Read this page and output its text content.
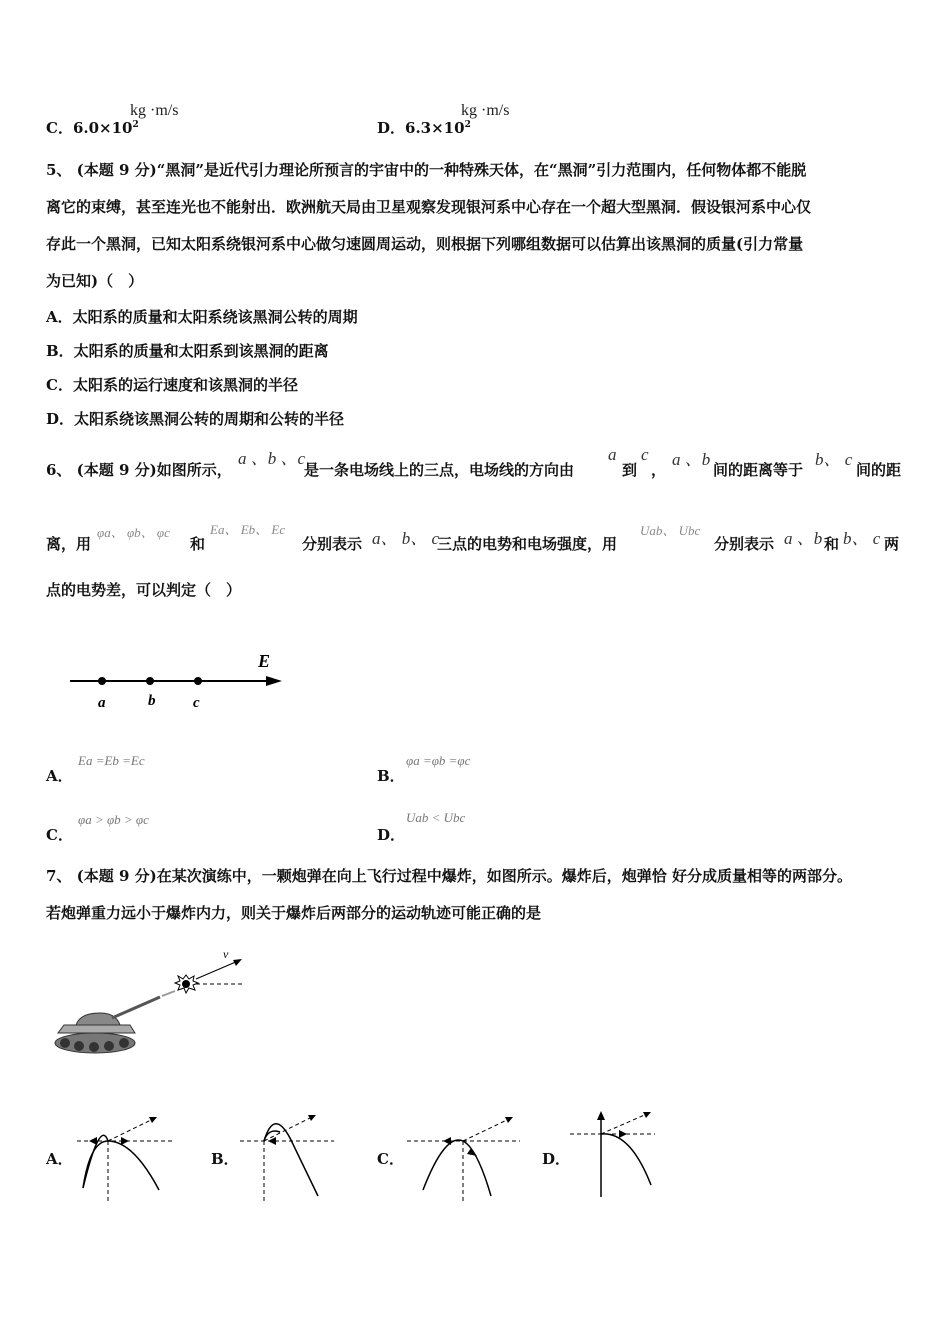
C．$6.0\times 10^2$
kg ·m/s
D．$6.3\times 10^2$
kg ·m/s
5、 (本题 9 分)“黑洞”是近代引力理论所预言的宇宙中的一种特殊天体，在“黑洞”引力范围内，任何物体都不能脱
离它的束缚，甚至连光也不能射出．欧洲航天局由卫星观察发现银河系中心存在一个超大型黑洞．假设银河系中心仅
存此一个黑洞，已知太阳系绕银河系中心做匀速圆周运动，则根据下列哪组数据可以估算出该黑洞的质量(引力常量
为已知)（　）
A．太阳系的质量和太阳系绕该黑洞公转的周期
B．太阳系的质量和太阳系到该黑洞的距离
C．太阳系的运行速度和该黑洞的半径
D．太阳系绕该黑洞公转的周期和公转的半径
6、 (本题 9 分)如图所示，
a 、b 、c
是一条电场线上的三点，电场线的方向由
a
到
c
，
a 、b
间的距离等于
b、 c
间的距
离，用
φa、 φb、 φc
和
Ea、 Eb、 Ec
分别表示 a、 b、 c
三点的电势和电场强度，用
Uab、 Ubc
分别表示 a 、b 和 b、 c 两
点的电势差，可以判定（　）
E
a	b	c
A．
Ea =Eb =Ec
B．
φa =φb =φc
C．
φa > φb > φc
D．
Uab < Ubc
7、 (本题 9 分)在某次演练中，一颗炮弹在向上飞行过程中爆炸，如图所示。爆炸后，炮弹恰 好分成质量相等的两部分。
若炮弹重力远小于爆炸内力，则关于爆炸后两部分的运动轨迹可能正确的是
v
A．	B．	C．	D．
